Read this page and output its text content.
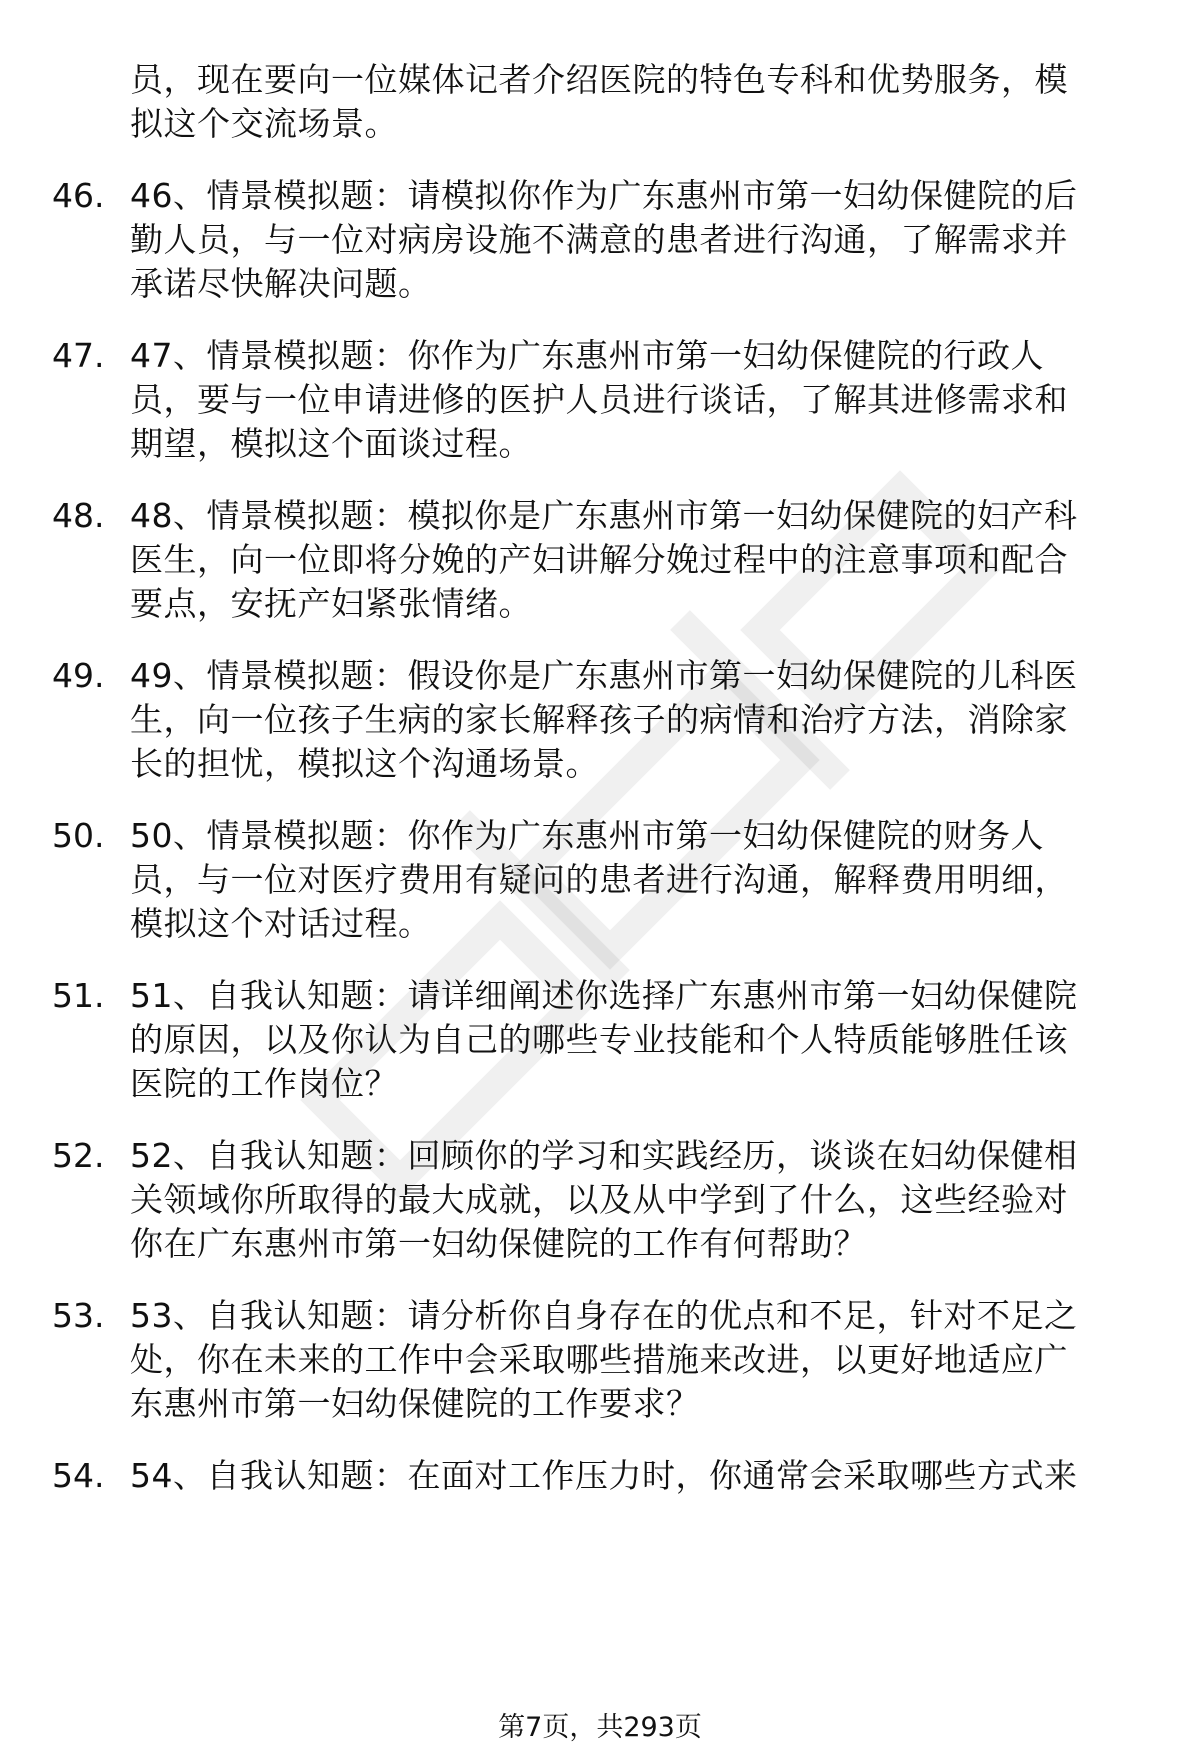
员，现在要向一位媒体记者介绍医院的特色专科和优势服务，模
拟这个交流场景。
46. 46、情景模拟题：请模拟你作为广东惠州市第一妇幼保健院的后
勤人员，与一位对病房设施不满意的患者进行沟通，了解需求并
承诺尽快解决问题。
47. 47、情景模拟题：你作为广东惠州市第一妇幼保健院的行政人
员，要与一位申请进修的医护人员进行谈话，了解其进修需求和
期望，模拟这个面谈过程。
48. 48、情景模拟题：模拟你是广东惠州市第一妇幼保健院的妇产科
医生，向一位即将分娩的产妇讲解分娩过程中的注意事项和配合
要点，安抚产妇紧张情绪。
49. 49、情景模拟题：假设你是广东惠州市第一妇幼保健院的儿科医
生，向一位孩子生病的家长解释孩子的病情和治疗方法，消除家
长的担忧，模拟这个沟通场景。
50. 50、情景模拟题：你作为广东惠州市第一妇幼保健院的财务人
员，与一位对医疗费用有疑问的患者进行沟通，解释费用明细，
模拟这个对话过程。
51. 51、自我认知题：请详细阐述你选择广东惠州市第一妇幼保健院
的原因，以及你认为自己的哪些专业技能和个人特质能够胜任该
医院的工作岗位？
52. 52、自我认知题：回顾你的学习和实践经历，谈谈在妇幼保健相
关领域你所取得的最大成就，以及从中学到了什么，这些经验对
你在广东惠州市第一妇幼保健院的工作有何帮助？
53. 53、自我认知题：请分析你自身存在的优点和不足，针对不足之
处，你在未来的工作中会采取哪些措施来改进，以更好地适应广
东惠州市第一妇幼保健院的工作要求？
54. 54、自我认知题：在面对工作压力时，你通常会采取哪些方式来
第7页，共293页
